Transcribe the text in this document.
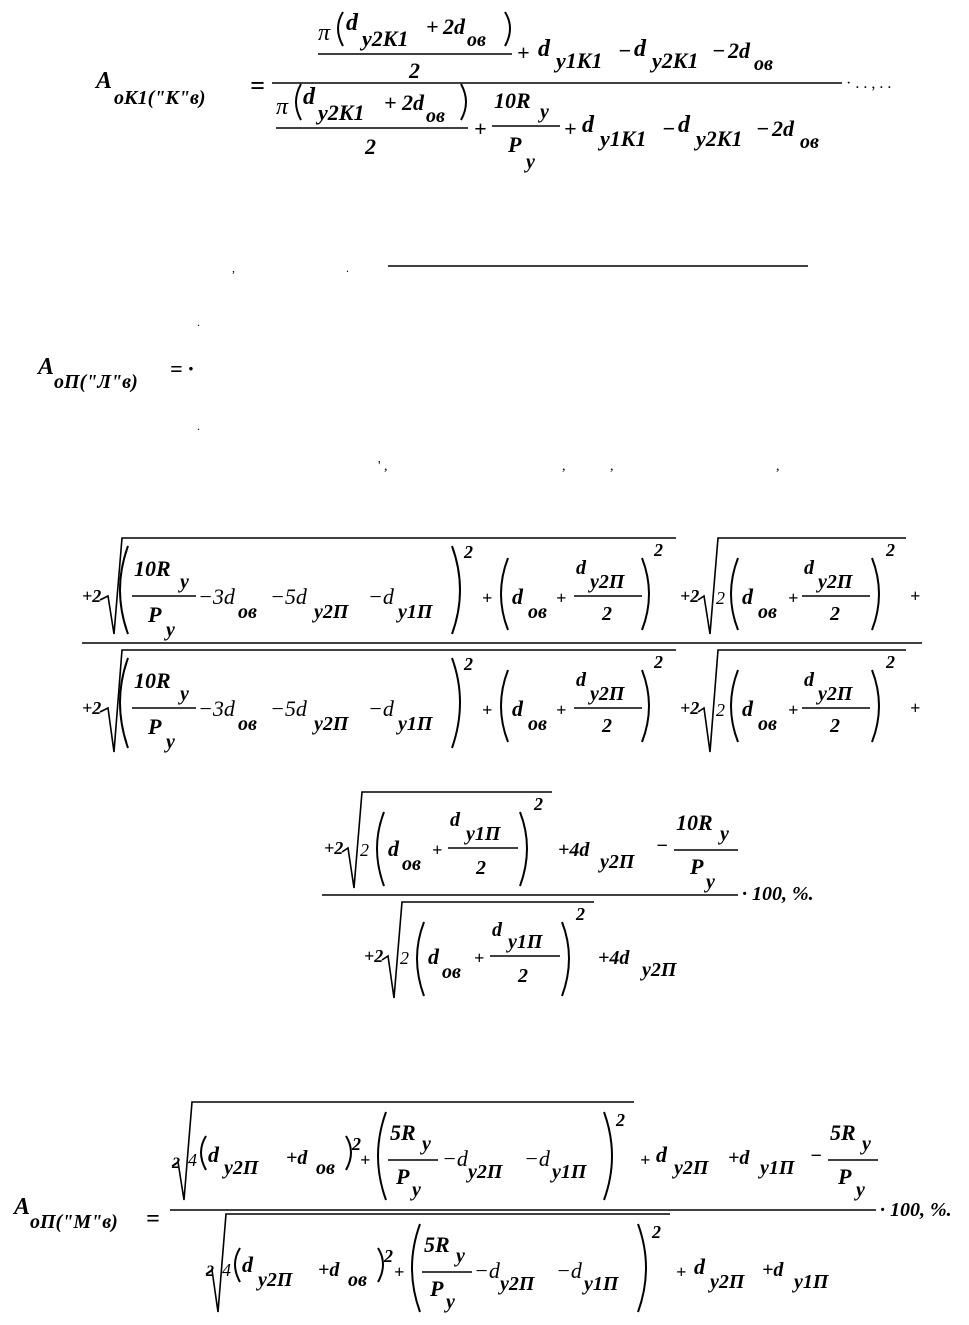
A
оК1("К"в) =
π d
y2K1 + 2d
ов
2
+ d y1K1 − d y2K1 − 2d
ов
· . . , . .
π d
y2K1 + 2d
ов
2
+
10R y
P
y
+ d
y1K1 − d
y2K1 − 2d
ов
,	.
.
.
' ,	,	,	,
A
оП("Л"в)
= ·
+2
10R
y
P
y
−3d
ов
−5d
y2П
−d
y1П
2
+ d
ов
+
d
y2П
2
2
+2 2 d
ов
+
d
y2П
2
2
+
+2
10R
y
P
y
−3d
ов
−5d
y2П
−d
y1П
2
+ d
ов
+
d
y2П
2
2
+2 2 d
ов
+
d
y2П
2
2
+
+2 2 d
ов
+
d
y1П
2
2
+4d
y2П
−
10R y
P
y
· 100, %.
+2 2 d
ов
+
d
y1П
2
2
+4d
y2П
A
оП("М"в) =
2 4 d
y2П +d ов
2
+
5R y
P
y
−d
y2П
−d
y1П
2
+ d
y2П +d y1П
−
5R y
P
y
· 100, %.
2 4 d
y2П +d ов
2
+
5R y
P
y
−d
y2П
−d
y1П
2
+ d
y2П
+d
y1П
